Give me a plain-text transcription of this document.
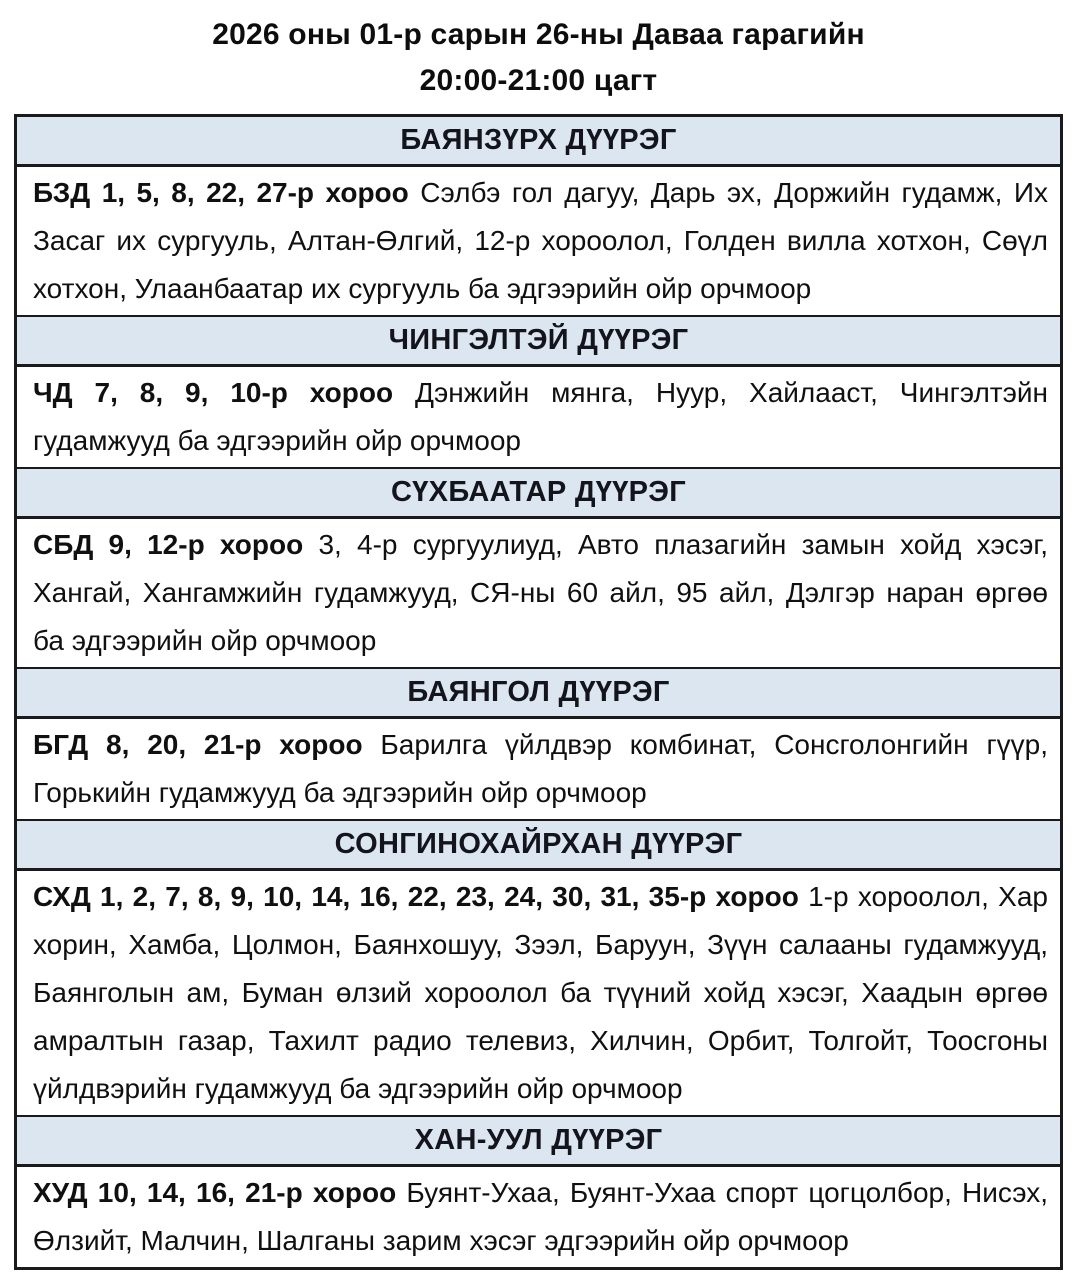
2026 оны 01-р сарын 26-ны Даваа гарагийн
20:00-21:00 цагт
БАЯНЗҮРХ ДҮҮРЭГ

БЗД 1, 5, 8, 22, 27-р хороо Сэлбэ гол дагуу, Дарь эх, Доржийн гудамж, Их Засаг их сургууль, Алтан-Өлгий, 12-р хороолол, Голден вилла хотхон, Сөүл хотхон, Улаанбаатар их сургууль ба эдгээрийн ойр орчмоор

ЧИНГЭЛТЭЙ ДҮҮРЭГ

ЧД 7, 8, 9, 10-р хороо Дэнжийн мянга, Нуур, Хайлааст, Чингэлтэйн гудамжууд ба эдгээрийн ойр орчмоор

СҮХБААТАР ДҮҮРЭГ

СБД 9, 12-р хороо 3, 4-р сургуулиуд, Авто плазагийн замын хойд хэсэг, Хангай, Хангамжийн гудамжууд, СЯ-ны 60 айл, 95 айл, Дэлгэр наран өргөө ба эдгээрийн ойр орчмоор

БАЯНГОЛ ДҮҮРЭГ

БГД 8, 20, 21-р хороо Барилга үйлдвэр комбинат, Сонсголонгийн гүүр, Горькийн гудамжууд ба эдгээрийн ойр орчмоор

СОНГИНОХАЙРХАН ДҮҮРЭГ

СХД 1, 2, 7, 8, 9, 10, 14, 16, 22, 23, 24, 30, 31, 35-р хороо 1-р хороолол, Хар хорин, Хамба, Цолмон, Баянхошуу, Зээл, Баруун, Зүүн салааны гудамжууд, Баянголын ам, Буман өлзий хороолол ба түүний хойд хэсэг, Хаадын өргөө амралтын газар, Тахилт радио телевиз, Хилчин, Орбит, Толгойт, Тоосгоны үйлдвэрийн гудамжууд ба эдгээрийн ойр орчмоор

ХАН-УУЛ ДҮҮРЭГ

ХУД 10, 14, 16, 21-р хороо Буянт-Ухаа, Буянт-Ухаа спорт цогцолбор, Нисэх, Өлзийт, Малчин, Шалганы зарим хэсэг эдгээрийн ойр орчмоор
